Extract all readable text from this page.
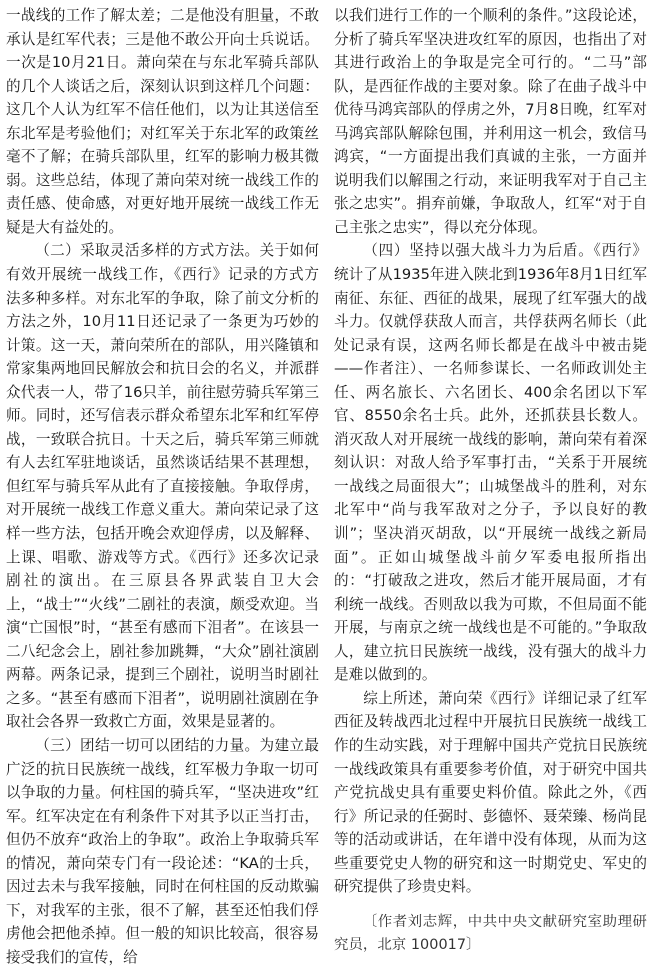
一战线的工作了解太差；二是他没有胆量，不敢承认是红军代表；三是他不敢公开向士兵说话。一次是10月21日。萧向荣在与东北军骑兵部队的几个人谈话之后，深刻认识到这样几个问题：这几个人认为红军不信任他们，以为让其送信至东北军是考验他们；对红军关于东北军的政策丝毫不了解；在骑兵部队里，红军的影响力极其微弱。这些总结，体现了萧向荣对统一战线工作的责任感、使命感，对更好地开展统一战线工作无疑是大有益处的。

（二）采取灵活多样的方式方法。关于如何有效开展统一战线工作，《西行》记录的方式方法多种多样。对东北军的争取，除了前文分析的方法之外，10月11日还记录了一条更为巧妙的计策。这一天，萧向荣所在的部队，用兴隆镇和常家集两地回民解放会和抗日会的名义，并派群众代表一人，带了16只羊，前往慰劳骑兵军第三师。同时，还写信表示群众希望东北军和红军停战，一致联合抗日。十天之后，骑兵军第三师就有人去红军驻地谈话，虽然谈话结果不甚理想，但红军与骑兵军从此有了直接接触。争取俘虏，对开展统一战线工作意义重大。萧向荣记录了这样一些方法，包括开晚会欢迎俘虏，以及解释、上课、唱歌、游戏等方式。《西行》还多次记录剧社的演出。在三原县各界武装自卫大会上，“战士”“火线”二剧社的表演，颇受欢迎。当演“亡国恨”时，“甚至有感而下泪者”。在该县一二八纪念会上，剧社参加跳舞，“大众”剧社演剧两幕。两条记录，提到三个剧社，说明当时剧社之多。“甚至有感而下泪者”，说明剧社演剧在争取社会各界一致救亡方面，效果是显著的。

（三）团结一切可以团结的力量。为建立最广泛的抗日民族统一战线，红军极力争取一切可以争取的力量。何柱国的骑兵军，“坚决进攻”红军。红军决定在有利条件下对其予以正当打击，但仍不放弃“政治上的争取”。政治上争取骑兵军的情况，萧向荣专门有一段论述：“KA的士兵，因过去未与我军接触，同时在何柱国的反动欺骗下，对我军的主张，很不了解，甚至还怕我们俘虏他会把他杀掉。但一般的知识比较高，很容易接受我们的宣传，给

以我们进行工作的一个顺利的条件。”这段论述，分析了骑兵军坚决进攻红军的原因，也指出了对其进行政治上的争取是完全可行的。“二马”部队，是西征作战的主要对象。除了在曲子战斗中优待马鸿宾部队的俘虏之外，7月8日晚，红军对马鸿宾部队解除包围，并利用这一机会，致信马鸿宾，“一方面提出我们真诚的主张，一方面并说明我们以解围之行动，来证明我军对于自己主张之忠实”。捐弃前嫌，争取敌人，红军“对于自己主张之忠实”，得以充分体现。

（四）坚持以强大战斗力为后盾。《西行》统计了从1935年进入陕北到1936年8月1日红军南征、东征、西征的战果，展现了红军强大的战斗力。仅就俘获敌人而言，共俘获两名师长（此处记录有误，这两名师长都是在战斗中被击毙——作者注）、一名师参谋长、一名师政训处主任、两名旅长、六名团长、400余名团以下军官、8550余名士兵。此外，还抓获县长数人。消灭敌人对开展统一战线的影响，萧向荣有着深刻认识：对敌人给予军事打击，“关系于开展统一战线之局面很大”；山城堡战斗的胜利，对东北军中“尚与我军敌对之分子，予以良好的教训”；坚决消灭胡敌，以“开展统一战线之新局面”。正如山城堡战斗前夕军委电报所指出的：“打破敌之进攻，然后才能开展局面，才有利统一战线。否则敌以我为可欺，不但局面不能开展，与南京之统一战线也是不可能的。”争取敌人，建立抗日民族统一战线，没有强大的战斗力是难以做到的。

综上所述，萧向荣《西行》详细记录了红军西征及转战西北过程中开展抗日民族统一战线工作的生动实践，对于理解中国共产党抗日民族统一战线政策具有重要参考价值，对于研究中国共产党抗战史具有重要史料价值。除此之外，《西行》所记录的任弼时、彭德怀、聂荣臻、杨尚昆等的活动或讲话，在年谱中没有体现，从而为这些重要党史人物的研究和这一时期党史、军史的研究提供了珍贵史料。

〔作者刘志辉，中共中央文献研究室助理研究员，北京 100017〕
